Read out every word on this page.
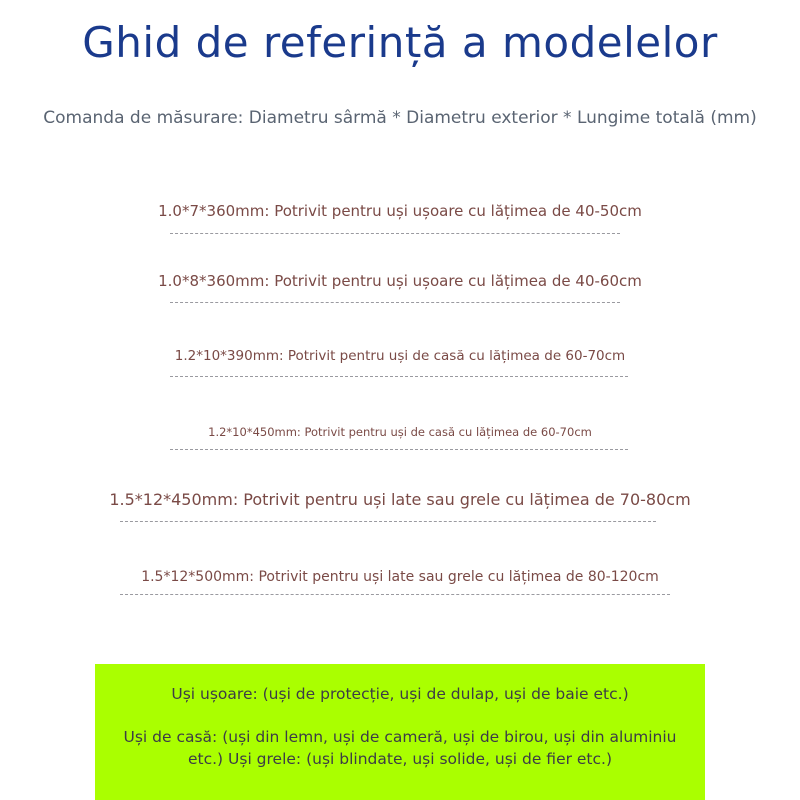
Ghid de referință a modelelor
Comanda de măsurare: Diametru sârmă * Diametru exterior * Lungime totală (mm)
1.0*7*360mm: Potrivit pentru uși ușoare cu lățimea de 40-50cm
1.0*8*360mm: Potrivit pentru uși ușoare cu lățimea de 40-60cm
1.2*10*390mm: Potrivit pentru uși de casă cu lățimea de 60-70cm
1.2*10*450mm: Potrivit pentru uși de casă cu lățimea de 60-70cm
1.5*12*450mm: Potrivit pentru uși late sau grele cu lățimea de 70-80cm
1.5*12*500mm: Potrivit pentru uși late sau grele cu lățimea de 80-120cm
Uși ușoare: (uși de protecție, uși de dulap, uși de baie etc.)
Uși de casă: (uși din lemn, uși de cameră, uși de birou, uși din aluminiu etc.) Uși grele: (uși blindate, uși solide, uși de fier etc.)
